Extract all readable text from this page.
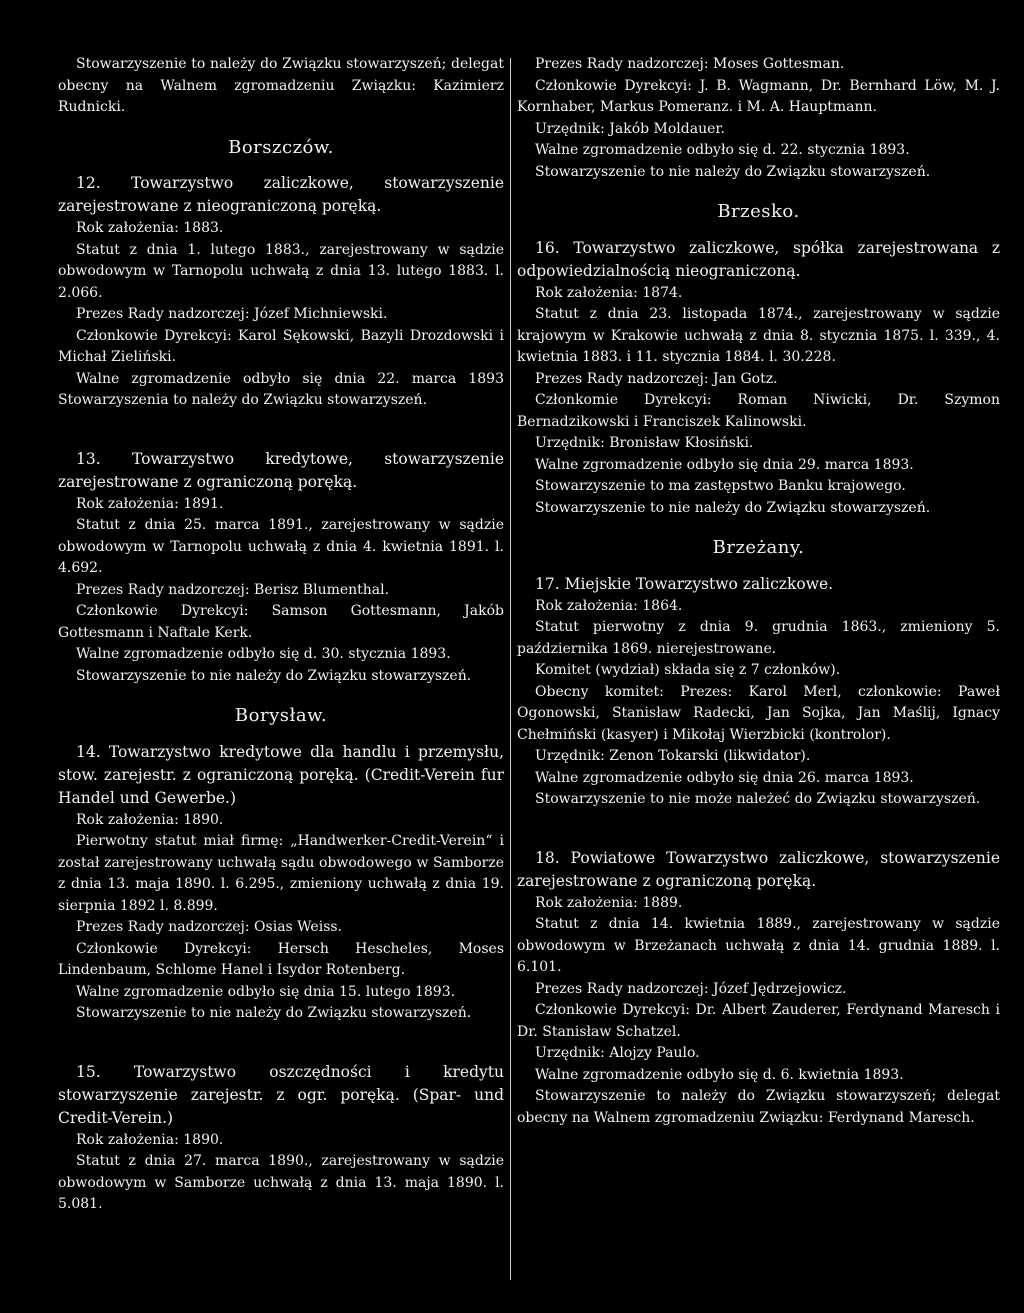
Stowarzyszenie to należy do Związku stowarzyszeń; delegat obecny na Walnem zgromadzeniu Związku: Kazimierz Rudnicki.

Borszczów.

12. Towarzystwo zaliczkowe, stowarzyszenie zarejestrowane z nieograniczoną poręką.

Rok założenia: 1883.

Statut z dnia 1. lutego 1883., zarejestrowany w sądzie obwodowym w Tarnopolu uchwałą z dnia 13. lutego 1883. l. 2.066.

Prezes Rady nadzorczej: Józef Michniewski.

Członkowie Dyrekcyi: Karol Sękowski, Bazyli Drozdowski i Michał Zieliński.

Walne zgromadzenie odbyło się dnia 22. marca 1893 Stowarzyszenia to należy do Związku stowarzyszeń.

13. Towarzystwo kredytowe, stowarzyszenie zarejestrowane z ograniczoną poręką.

Rok założenia: 1891.

Statut z dnia 25. marca 1891., zarejestrowany w sądzie obwodowym w Tarnopolu uchwałą z dnia 4. kwietnia 1891. l. 4.692.

Prezes Rady nadzorczej: Berisz Blumenthal.

Członkowie Dyrekcyi: Samson Gottesmann, Jakób Gottesmann i Naftale Kerk.

Walne zgromadzenie odbyło się d. 30. stycznia 1893.

Stowarzyszenie to nie należy do Związku stowarzyszeń.

Borysław.

14. Towarzystwo kredytowe dla handlu i przemysłu, stow. zarejestr. z ograniczoną poręką. (Credit-Verein fur Handel und Gewerbe.)

Rok założenia: 1890.

Pierwotny statut miał firmę: „Handwerker-Credit-Verein“ i został zarejestrowany uchwałą sądu obwodowego w Samborze z dnia 13. maja 1890. l. 6.295., zmieniony uchwałą z dnia 19. sierpnia 1892 l. 8.899.

Prezes Rady nadzorczej: Osias Weiss.

Członkowie Dyrekcyi: Hersch Hescheles, Moses Lindenbaum, Schlome Hanel i Isydor Rotenberg.

Walne zgromadzenie odbyło się dnia 15. lutego 1893.

Stowarzyszenie to nie należy do Związku stowarzyszeń.

15. Towarzystwo oszczędności i kredytu stowarzyszenie zarejestr. z ogr. poręką. (Spar- und Credit-Verein.)

Rok założenia: 1890.

Statut z dnia 27. marca 1890., zarejestrowany w sądzie obwodowym w Samborze uchwałą z dnia 13. maja 1890. l. 5.081.

Prezes Rady nadzorczej: Moses Gottesman.

Członkowie Dyrekcyi: J. B. Wagmann, Dr. Bernhard Löw, M. J. Kornhaber, Markus Pomeranz. i M. A. Hauptmann.

Urzędnik: Jakób Moldauer.

Walne zgromadzenie odbyło się d. 22. stycznia 1893.

Stowarzyszenie to nie należy do Związku stowarzyszeń.

Brzesko.

16. Towarzystwo zaliczkowe, spółka zarejestrowana z odpowiedzialnością nieograniczoną.

Rok założenia: 1874.

Statut z dnia 23. listopada 1874., zarejestrowany w sądzie krajowym w Krakowie uchwałą z dnia 8. stycznia 1875. l. 339., 4. kwietnia 1883. i 11. stycznia 1884. l. 30.228.

Prezes Rady nadzorczej: Jan Gotz.

Członkomie Dyrekcyi: Roman Niwicki, Dr. Szymon Bernadzikowski i Franciszek Kalinowski.

Urzędnik: Bronisław Kłosiński.

Walne zgromadzenie odbyło się dnia 29. marca 1893.

Stowarzyszenie to ma zastępstwo Banku krajowego.

Stowarzyszenie to nie należy do Związku stowarzyszeń.

Brzeżany.

17. Miejskie Towarzystwo zaliczkowe.

Rok założenia: 1864.

Statut pierwotny z dnia 9. grudnia 1863., zmieniony 5. października 1869. nierejestrowane.

Komitet (wydział) składa się z 7 członków).

Obecny komitet: Prezes: Karol Merl, członkowie: Paweł Ogonowski, Stanisław Radecki, Jan Sojka, Jan Maślij, Ignacy Chełmiński (kasyer) i Mikołaj Wierzbicki (kontrolor).

Urzędnik: Zenon Tokarski (likwidator).

Walne zgromadzenie odbyło się dnia 26. marca 1893.

Stowarzyszenie to nie może należeć do Związku stowarzyszeń.

18. Powiatowe Towarzystwo zaliczkowe, stowarzyszenie zarejestrowane z ograniczoną poręką.

Rok założenia: 1889.

Statut z dnia 14. kwietnia 1889., zarejestrowany w sądzie obwodowym w Brzeżanach uchwałą z dnia 14. grudnia 1889. l. 6.101.

Prezes Rady nadzorczej: Józef Jędrzejowicz.

Członkowie Dyrekcyi: Dr. Albert Zauderer, Ferdynand Maresch i Dr. Stanisław Schatzel.

Urzędnik: Alojzy Paulo.

Walne zgromadzenie odbyło się d. 6. kwietnia 1893.

Stowarzyszenie to należy do Związku stowarzyszeń; delegat obecny na Walnem zgromadzeniu Związku: Ferdynand Maresch.
